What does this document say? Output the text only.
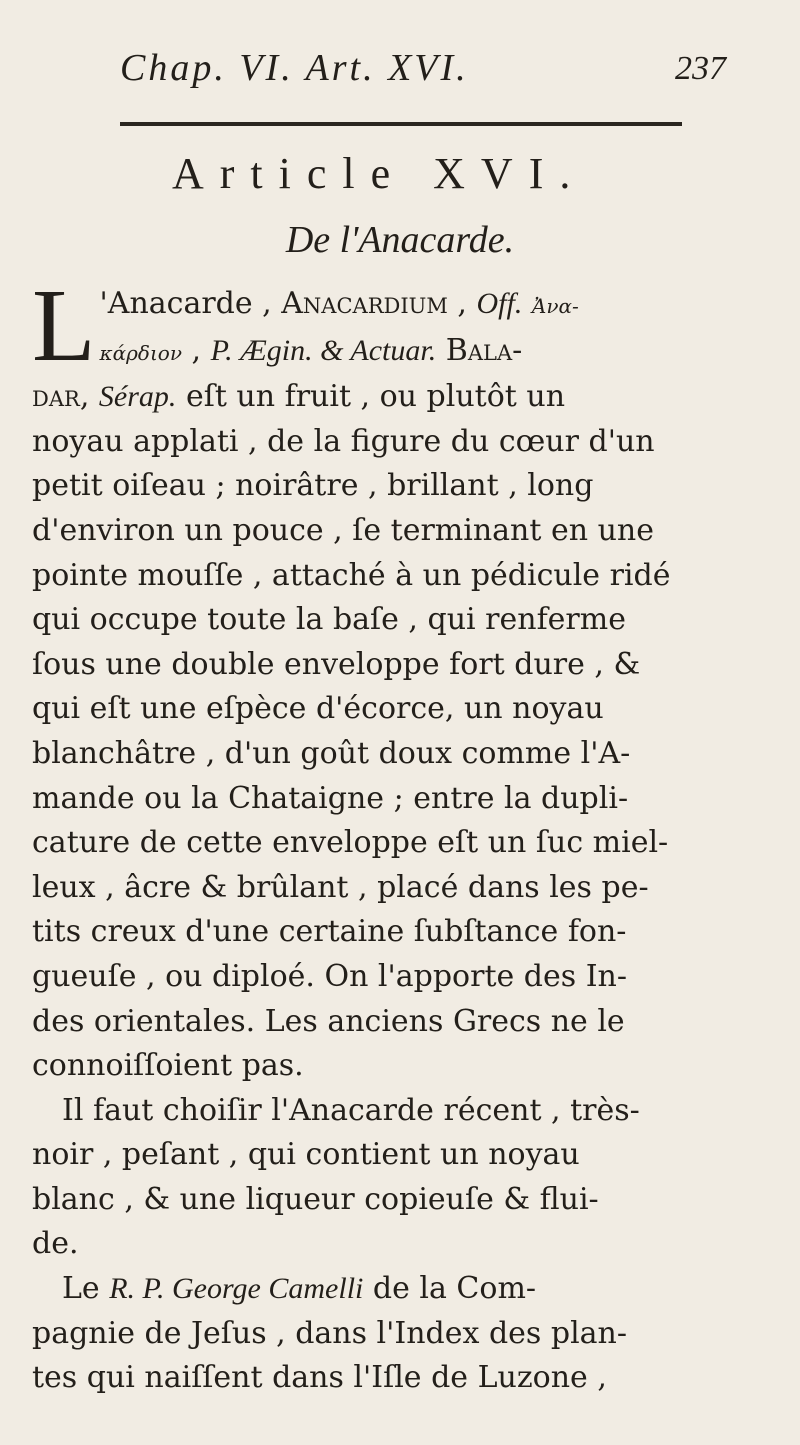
Chap. VI. Art. XVI.	237
Article XVI.
De l'Anacarde.
L 'Anacarde , Anacardium , Off. Ἀνα-
κάρδιον , P. Ægin. & Actuar. Bala-
dar, Sérap. eſt un fruit , ou plutôt un
noyau applati , de la figure du cœur d'un
petit oiſeau ; noirâtre , brillant , long
d'environ un pouce , ſe terminant en une
pointe mouſſe , attaché à un pédicule ridé
qui occupe toute la baſe , qui renferme
ſous une double enveloppe fort dure , &
qui eſt une eſpèce d'écorce, un noyau
blanchâtre , d'un goût doux comme l'A-
mande ou la Chataigne ; entre la dupli-
cature de cette enveloppe eſt un ſuc miel-
leux , âcre & brûlant , placé dans les pe-
tits creux d'une certaine ſubſtance fon-
gueuſe , ou diploé. On l'apporte des In-
des orientales. Les anciens Grecs ne le
connoiſſoient pas.
Il faut choiſir l'Anacarde récent , très-
noir , peſant , qui contient un noyau
blanc , & une liqueur copieuſe & flui-
de.
Le R. P. George Camelli de la Com-
pagnie de Jeſus , dans l'Index des plan-
tes qui naiſſent dans l'Iſle de Luzone ,
